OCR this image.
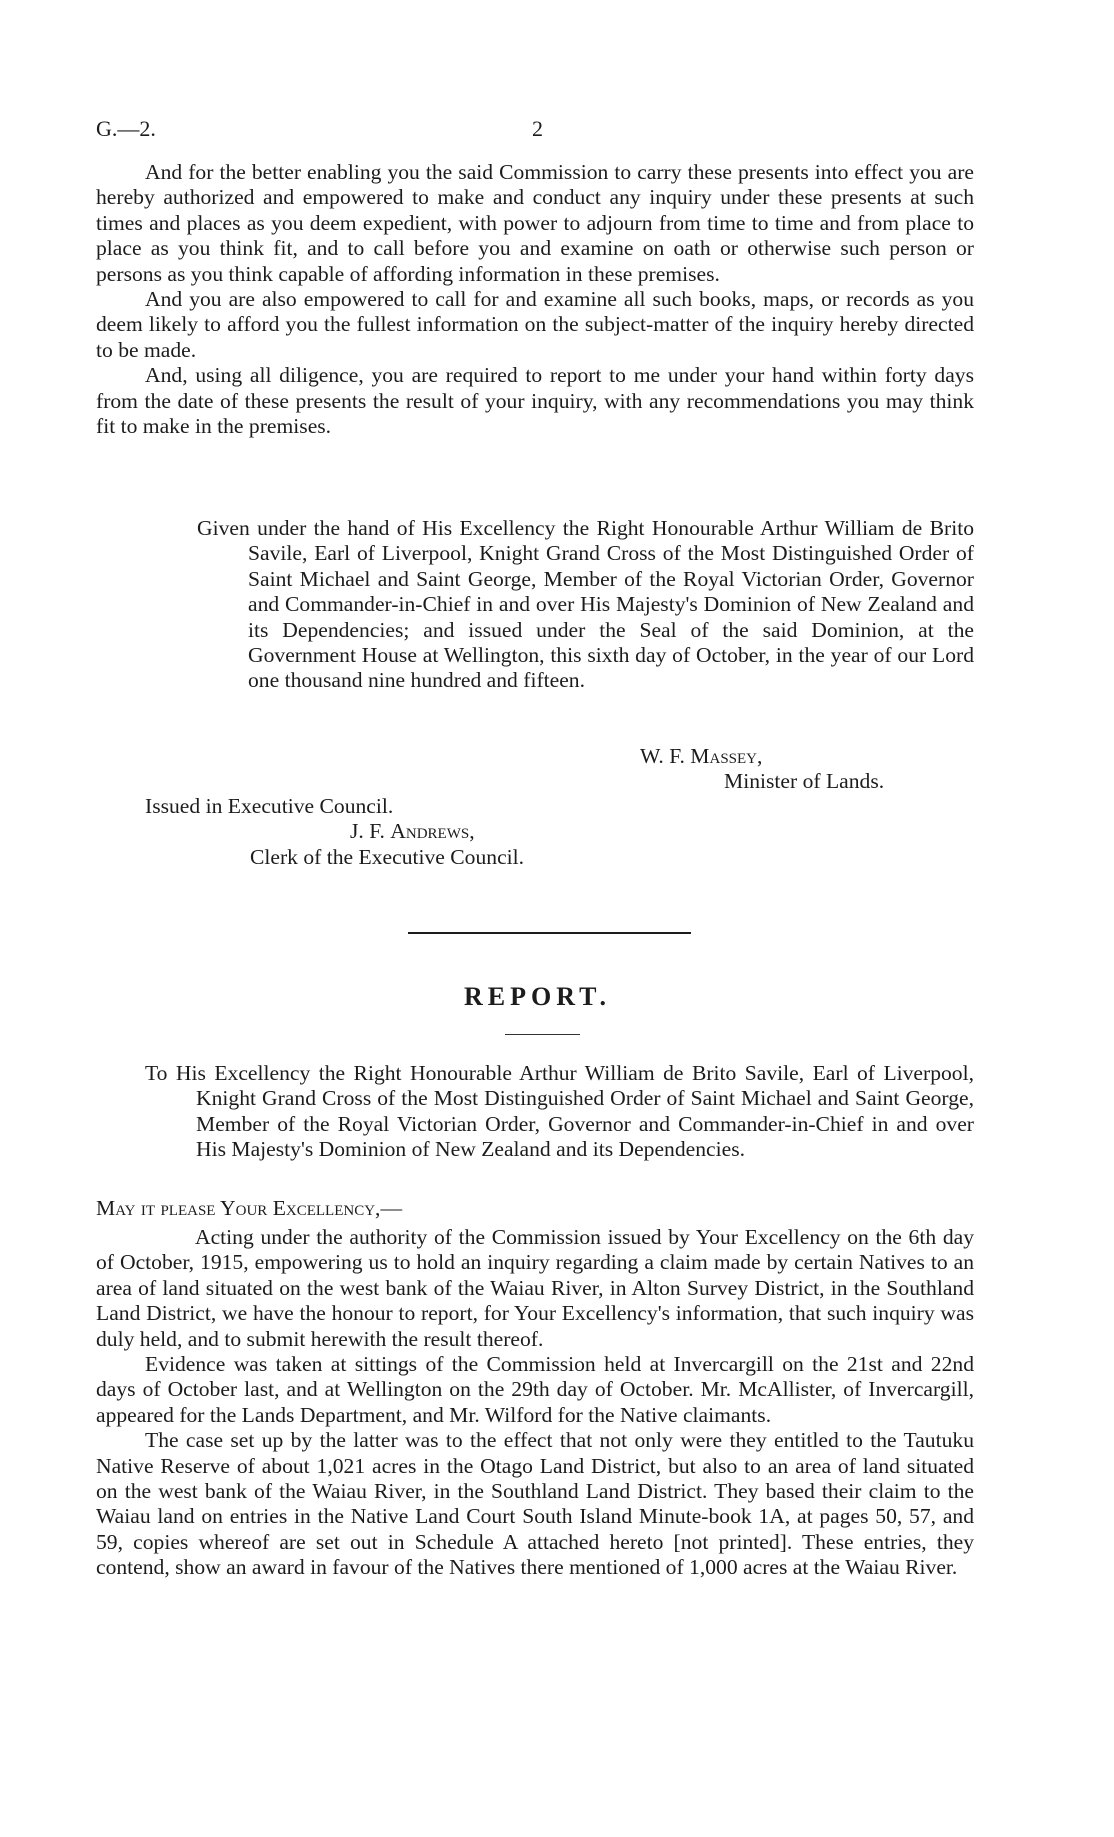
G.—2.	2

And for the better enabling you the said Commission to carry these presents into effect you are hereby authorized and empowered to make and conduct any inquiry under these presents at such times and places as you deem expedient, with power to adjourn from time to time and from place to place as you think fit, and to call before you and examine on oath or otherwise such person or persons as you think capable of affording information in these premises.

And you are also empowered to call for and examine all such books, maps, or records as you deem likely to afford you the fullest information on the subject-matter of the inquiry hereby directed to be made.

And, using all diligence, you are required to report to me under your hand within forty days from the date of these presents the result of your inquiry, with any recommendations you may think fit to make in the premises.

Given under the hand of His Excellency the Right Honourable Arthur William de Brito Savile, Earl of Liverpool, Knight Grand Cross of the Most Distinguished Order of Saint Michael and Saint George, Member of the Royal Victorian Order, Governor and Commander-in-Chief in and over His Majesty's Dominion of New Zealand and its Dependencies; and issued under the Seal of the said Dominion, at the Government House at Wellington, this sixth day of October, in the year of our Lord one thousand nine hundred and fifteen.

W. F. Massey,
Minister of Lands.
Issued in Executive Council.
J. F. Andrews,
Clerk of the Executive Council.
REPORT.

To His Excellency the Right Honourable Arthur William de Brito Savile, Earl of Liverpool, Knight Grand Cross of the Most Distinguished Order of Saint Michael and Saint George, Member of the Royal Victorian Order, Governor and Commander-in-Chief in and over His Majesty's Dominion of New Zealand and its Dependencies.

May it please Your Excellency,—

Acting under the authority of the Commission issued by Your Excellency on the 6th day of October, 1915, empowering us to hold an inquiry regarding a claim made by certain Natives to an area of land situated on the west bank of the Waiau River, in Alton Survey District, in the Southland Land District, we have the honour to report, for Your Excellency's information, that such inquiry was duly held, and to submit herewith the result thereof.

Evidence was taken at sittings of the Commission held at Invercargill on the 21st and 22nd days of October last, and at Wellington on the 29th day of October. Mr. McAllister, of Invercargill, appeared for the Lands Department, and Mr. Wilford for the Native claimants.

The case set up by the latter was to the effect that not only were they entitled to the Tautuku Native Reserve of about 1,021 acres in the Otago Land District, but also to an area of land situated on the west bank of the Waiau River, in the Southland Land District. They based their claim to the Waiau land on entries in the Native Land Court South Island Minute-book 1A, at pages 50, 57, and 59, copies whereof are set out in Schedule A attached hereto [not printed]. These entries, they contend, show an award in favour of the Natives there mentioned of 1,000 acres at the Waiau River.
